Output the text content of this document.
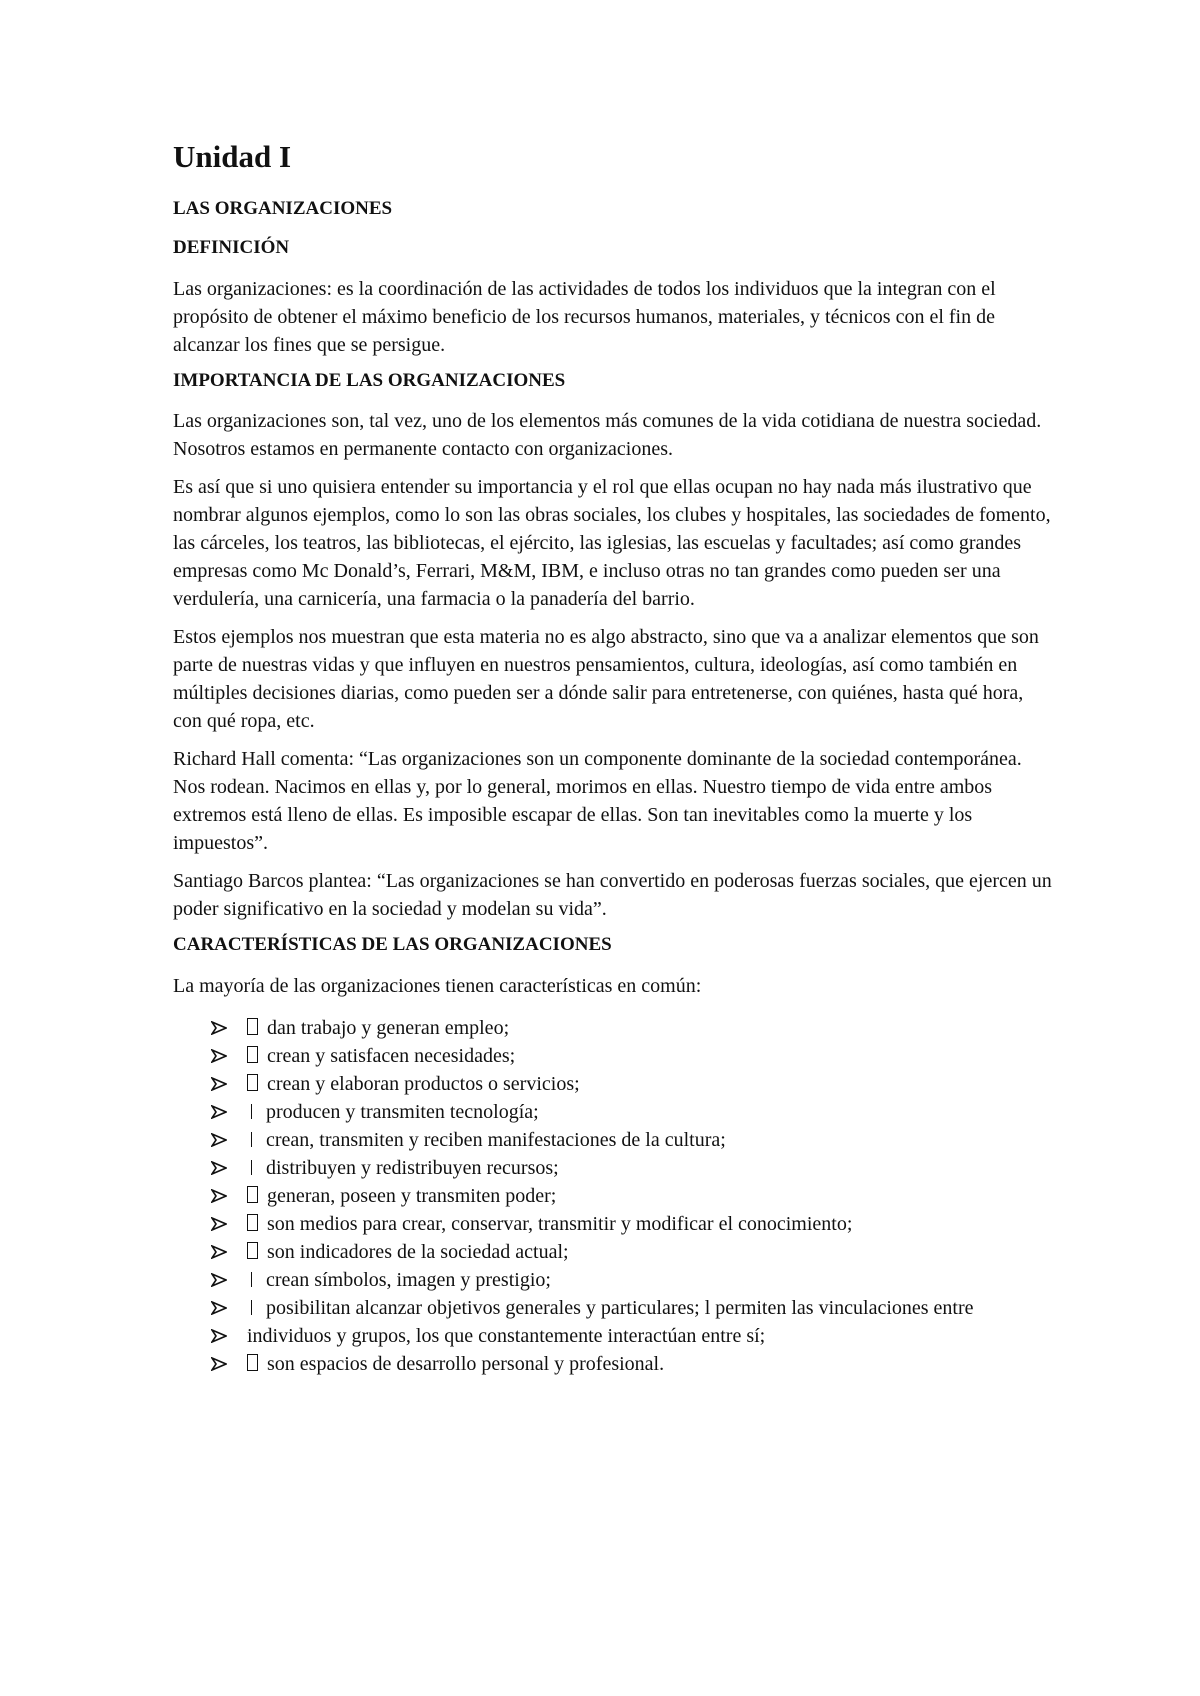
Unidad I
LAS ORGANIZACIONES
DEFINICIÓN

Las organizaciones: es la coordinación de las actividades de todos los individuos que la integran con el propósito de obtener el máximo beneficio de los recursos humanos, materiales, y técnicos con el fin de alcanzar los fines que se persigue.

IMPORTANCIA DE LAS ORGANIZACIONES

Las organizaciones son, tal vez, uno de los elementos más comunes de la vida cotidiana de nuestra sociedad. Nosotros estamos en permanente contacto con organizaciones.

Es así que si uno quisiera entender su importancia y el rol que ellas ocupan no hay nada más ilustrativo que nombrar algunos ejemplos, como lo son las obras sociales, los clubes y hospitales, las sociedades de fomento, las cárceles, los teatros, las bibliotecas, el ejército, las iglesias, las escuelas y facultades; así como grandes empresas como Mc Donald’s, Ferrari, M&M, IBM, e incluso otras no tan grandes como pueden ser una verdulería, una carnicería, una farmacia o la panadería del barrio.

Estos ejemplos nos muestran que esta materia no es algo abstracto, sino que va a analizar elementos que son parte de nuestras vidas y que influyen en nuestros pensamientos, cultura, ideologías, así como también en múltiples decisiones diarias, como pueden ser a dónde salir para entretenerse, con quiénes, hasta qué hora, con qué ropa, etc.

Richard Hall comenta: “Las organizaciones son un componente dominante de la sociedad contemporánea. Nos rodean. Nacimos en ellas y, por lo general, morimos en ellas. Nuestro tiempo de vida entre ambos extremos está lleno de ellas. Es imposible escapar de ellas. Son tan inevitables como la muerte y los impuestos”.

Santiago Barcos plantea: “Las organizaciones se han convertido en poderosas fuerzas sociales, que ejercen un poder significativo en la sociedad y modelan su vida”.

CARACTERÍSTICAS DE LAS ORGANIZACIONES

La mayoría de las organizaciones tienen características en común:

dan trabajo y generan empleo;
crean y satisfacen necesidades;
crean y elaboran productos o servicios;
producen y transmiten tecnología;
crean, transmiten y reciben manifestaciones de la cultura;
distribuyen y redistribuyen recursos;
generan, poseen y transmiten poder;
son medios para crear, conservar, transmitir y modificar el conocimiento;
son indicadores de la sociedad actual;
crean símbolos, imagen y prestigio;
posibilitan alcanzar objetivos generales y particulares; l permiten las vinculaciones entre
individuos y grupos, los que constantemente interactúan entre sí;
son espacios de desarrollo personal y profesional.
